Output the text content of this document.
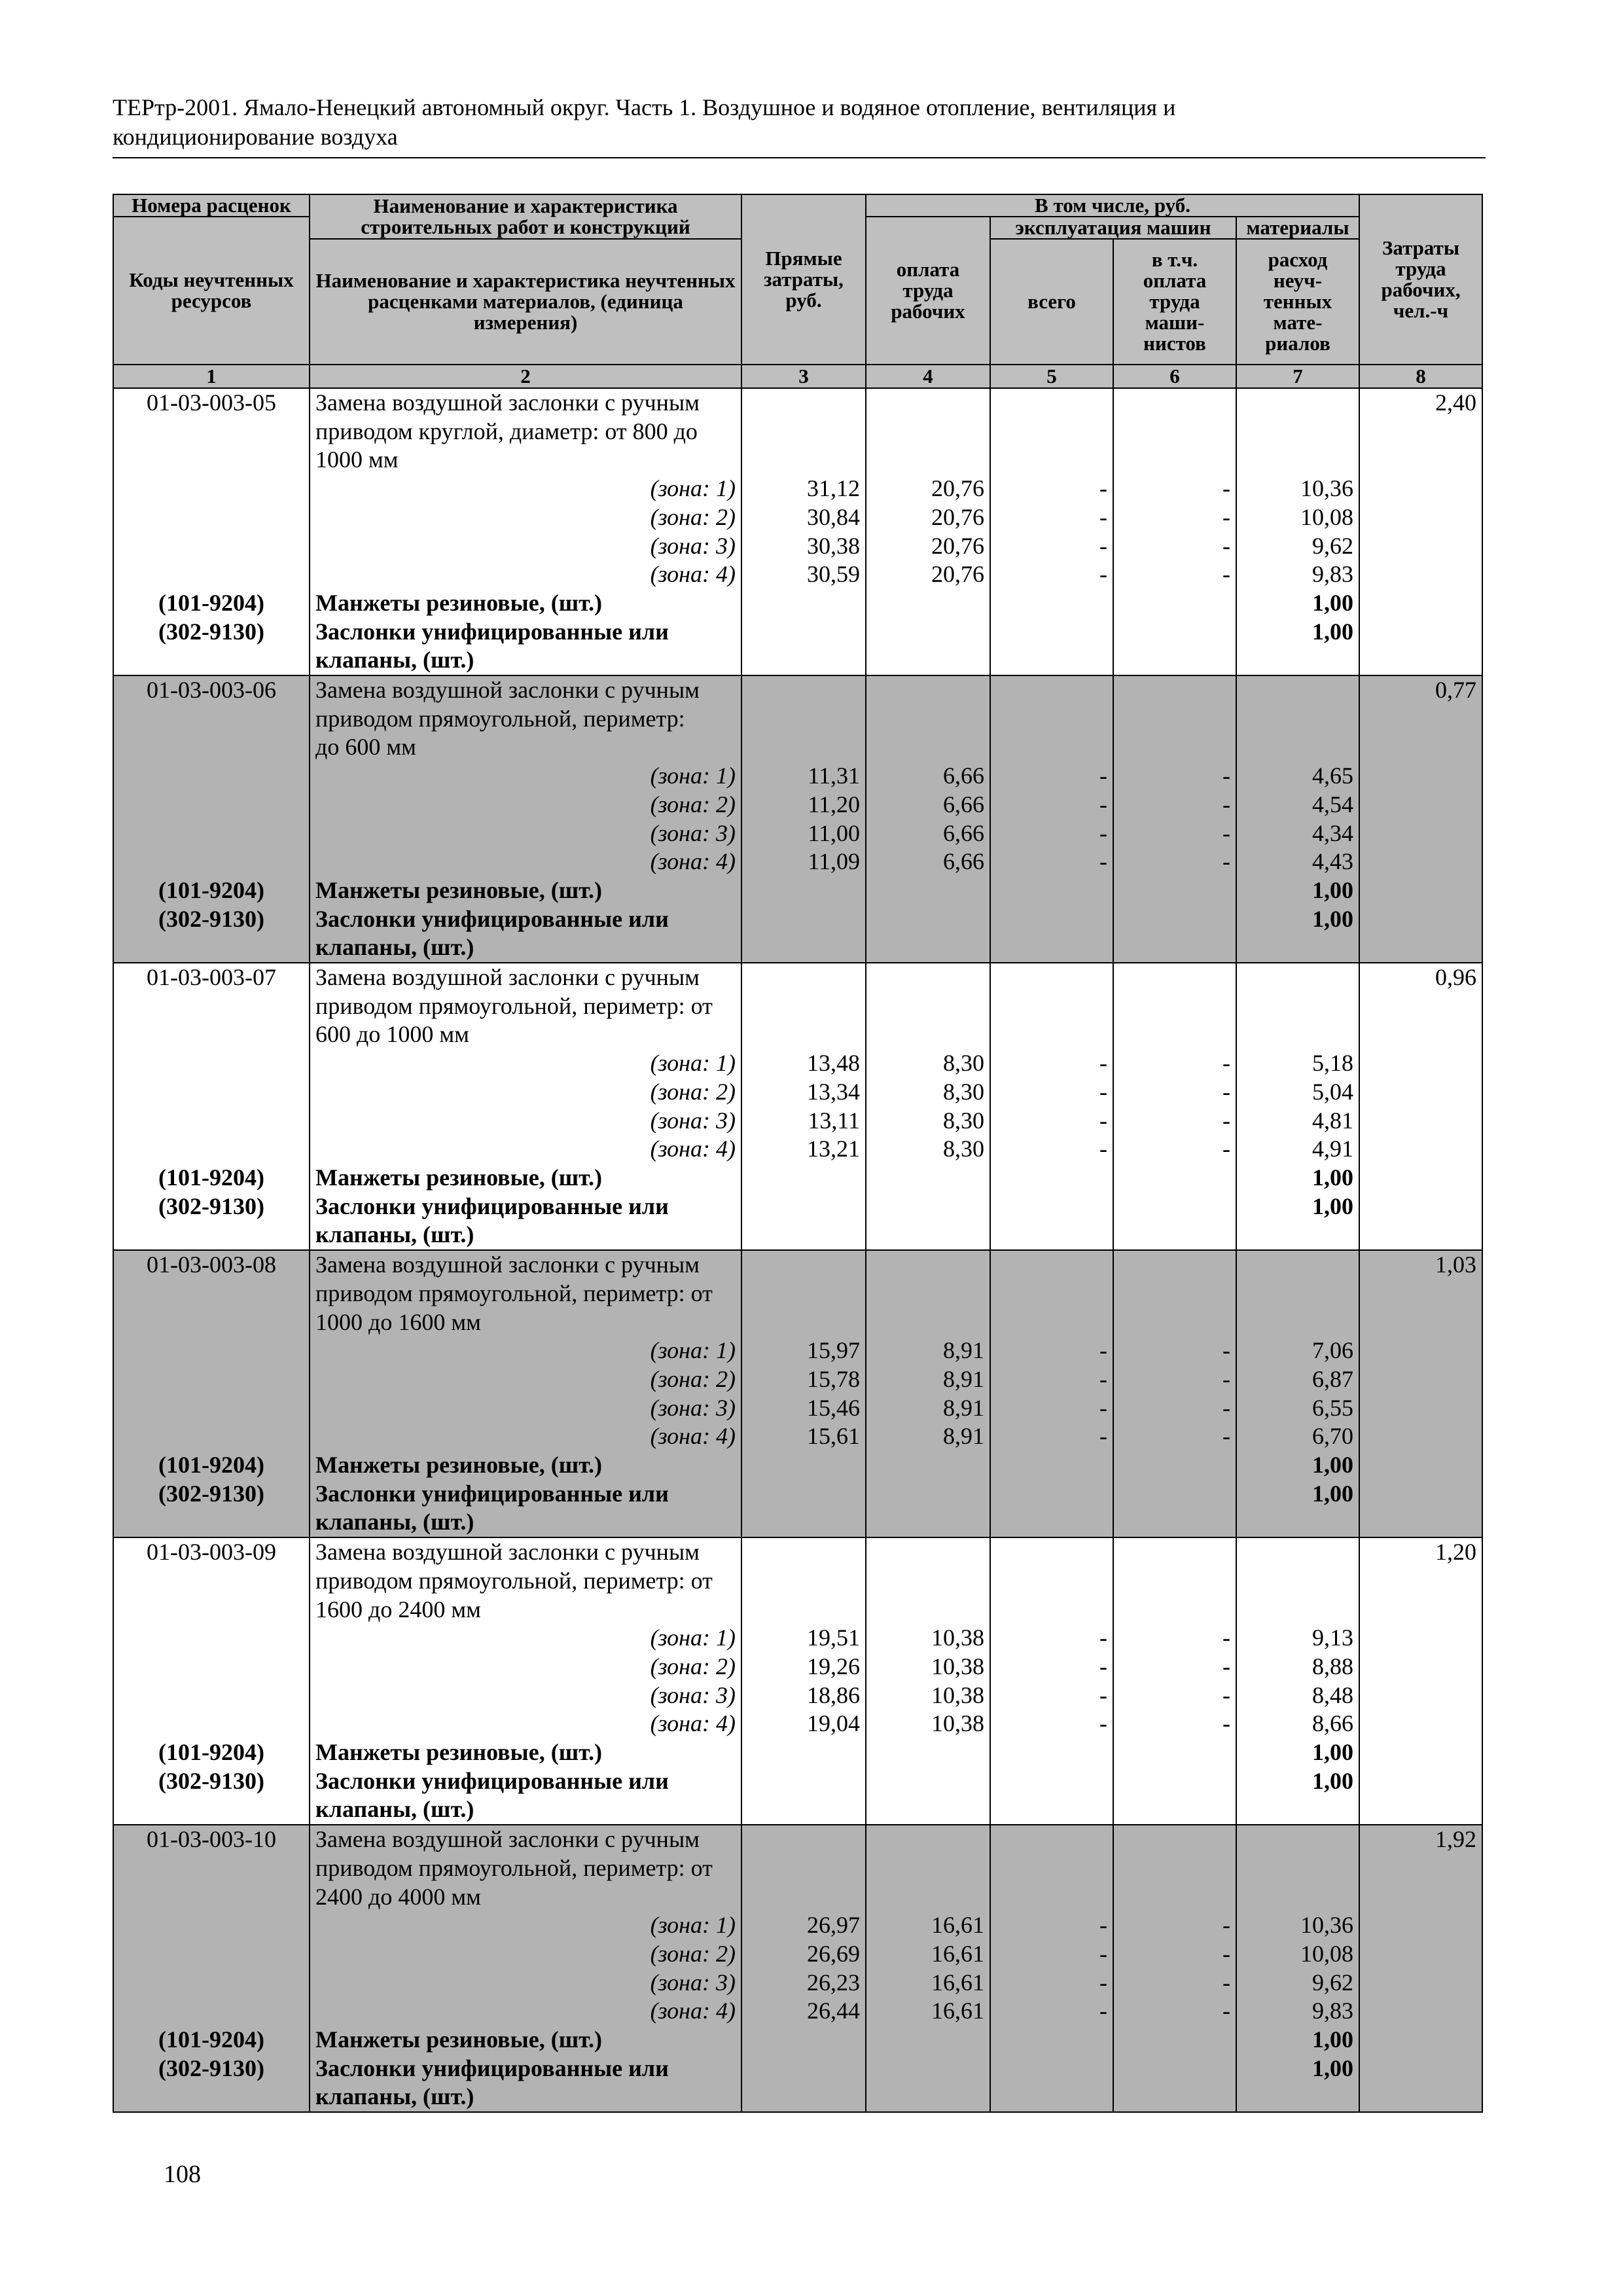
ТЕРтр-2001. Ямало-Ненецкий автономный округ. Часть 1. Воздушное и водяное отопление, вентиляция и
кондиционирование воздуха
Номера расценок	Наименование и характеристика строительных работ и конструкций	Прямые затраты, руб.	В том числе, руб.				Затраты труда рабочих, чел.-ч
Коды неучтенных ресурсов			оплата труда рабочих	эксплуатация машин		материалы	
	Наименование и характеристика неучтенных расценками материалов, (единица измерения)			всего	в т.ч. оплата труда маши-нистов	расход неуч-тенных мате-риалов	

1	2	3	4	5	6	7	8
01-03-003-05	Замена воздушной заслонки с ручным
приводом круглой, диаметр: от 800 до
1000 мм						2,40
	(зона: 1)	31,12	20,76	-	-	10,36	
	(зона: 2)	30,84	20,76	-	-	10,08	
	(зона: 3)	30,38	20,76	-	-	9,62	
	(зона: 4)	30,59	20,76	-	-	9,83	
(101-9204)	Манжеты резиновые, (шт.)					1,00	
(302-9130)	Заслонки унифицированные или					1,00	
	клапаны, (шт.)						
01-03-003-06	Замена воздушной заслонки с ручным
приводом прямоугольной, периметр:
до 600 мм						0,77
	(зона: 1)	11,31	6,66	-	-	4,65	
	(зона: 2)	11,20	6,66	-	-	4,54	
	(зона: 3)	11,00	6,66	-	-	4,34	
	(зона: 4)	11,09	6,66	-	-	4,43	
(101-9204)	Манжеты резиновые, (шт.)					1,00	
(302-9130)	Заслонки унифицированные или					1,00	
	клапаны, (шт.)						
01-03-003-07	Замена воздушной заслонки с ручным
приводом прямоугольной, периметр: от
600 до 1000 мм						0,96
	(зона: 1)	13,48	8,30	-	-	5,18	
	(зона: 2)	13,34	8,30	-	-	5,04	
	(зона: 3)	13,11	8,30	-	-	4,81	
	(зона: 4)	13,21	8,30	-	-	4,91	
(101-9204)	Манжеты резиновые, (шт.)					1,00	
(302-9130)	Заслонки унифицированные или					1,00	
	клапаны, (шт.)						
01-03-003-08	Замена воздушной заслонки с ручным
приводом прямоугольной, периметр: от
1000 до 1600 мм						1,03
	(зона: 1)	15,97	8,91	-	-	7,06	
	(зона: 2)	15,78	8,91	-	-	6,87	
	(зона: 3)	15,46	8,91	-	-	6,55	
	(зона: 4)	15,61	8,91	-	-	6,70	
(101-9204)	Манжеты резиновые, (шт.)					1,00	
(302-9130)	Заслонки унифицированные или					1,00	
	клапаны, (шт.)						
01-03-003-09	Замена воздушной заслонки с ручным
приводом прямоугольной, периметр: от
1600 до 2400 мм						1,20
	(зона: 1)	19,51	10,38	-	-	9,13	
	(зона: 2)	19,26	10,38	-	-	8,88	
	(зона: 3)	18,86	10,38	-	-	8,48	
	(зона: 4)	19,04	10,38	-	-	8,66	
(101-9204)	Манжеты резиновые, (шт.)					1,00	
(302-9130)	Заслонки унифицированные или					1,00	
	клапаны, (шт.)						
01-03-003-10	Замена воздушной заслонки с ручным
приводом прямоугольной, периметр: от
2400 до 4000 мм						1,92
	(зона: 1)	26,97	16,61	-	-	10,36	
	(зона: 2)	26,69	16,61	-	-	10,08	
	(зона: 3)	26,23	16,61	-	-	9,62	
	(зона: 4)	26,44	16,61	-	-	9,83	
(101-9204)	Манжеты резиновые, (шт.)					1,00	
(302-9130)	Заслонки унифицированные или					1,00	
	клапаны, (шт.)						
108
